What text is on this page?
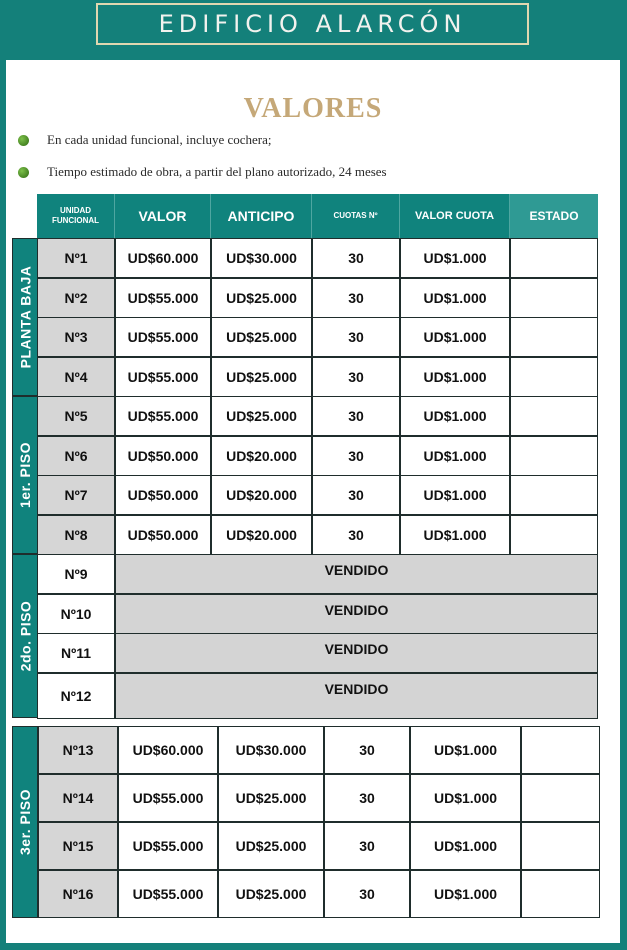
EDIFICIO ALARCÓN
VALORES
En cada unidad funcional, incluye cochera;
Tiempo estimado de obra, a partir del plano autorizado, 24 meses
UNIDAD FUNCIONAL	VALOR	ANTICIPO	CUOTAS Nº	VALOR CUOTA	ESTADO
PLANTA BAJA
1er. PISO
2do. PISO
3er. PISO
Nº1	UD$60.000	UD$30.000	30	UD$1.000
Nº2	UD$55.000	UD$25.000	30	UD$1.000
Nº3	UD$55.000	UD$25.000	30	UD$1.000
Nº4	UD$55.000	UD$25.000	30	UD$1.000
Nº5	UD$55.000	UD$25.000	30	UD$1.000
Nº6	UD$50.000	UD$20.000	30	UD$1.000
Nº7	UD$50.000	UD$20.000	30	UD$1.000
Nº8	UD$50.000	UD$20.000	30	UD$1.000
Nº9	VENDIDO
Nº10	VENDIDO
Nº11	VENDIDO
Nº12	VENDIDO
Nº13	UD$60.000	UD$30.000	30	UD$1.000
Nº14	UD$55.000	UD$25.000	30	UD$1.000
Nº15	UD$55.000	UD$25.000	30	UD$1.000
Nº16	UD$55.000	UD$25.000	30	UD$1.000
